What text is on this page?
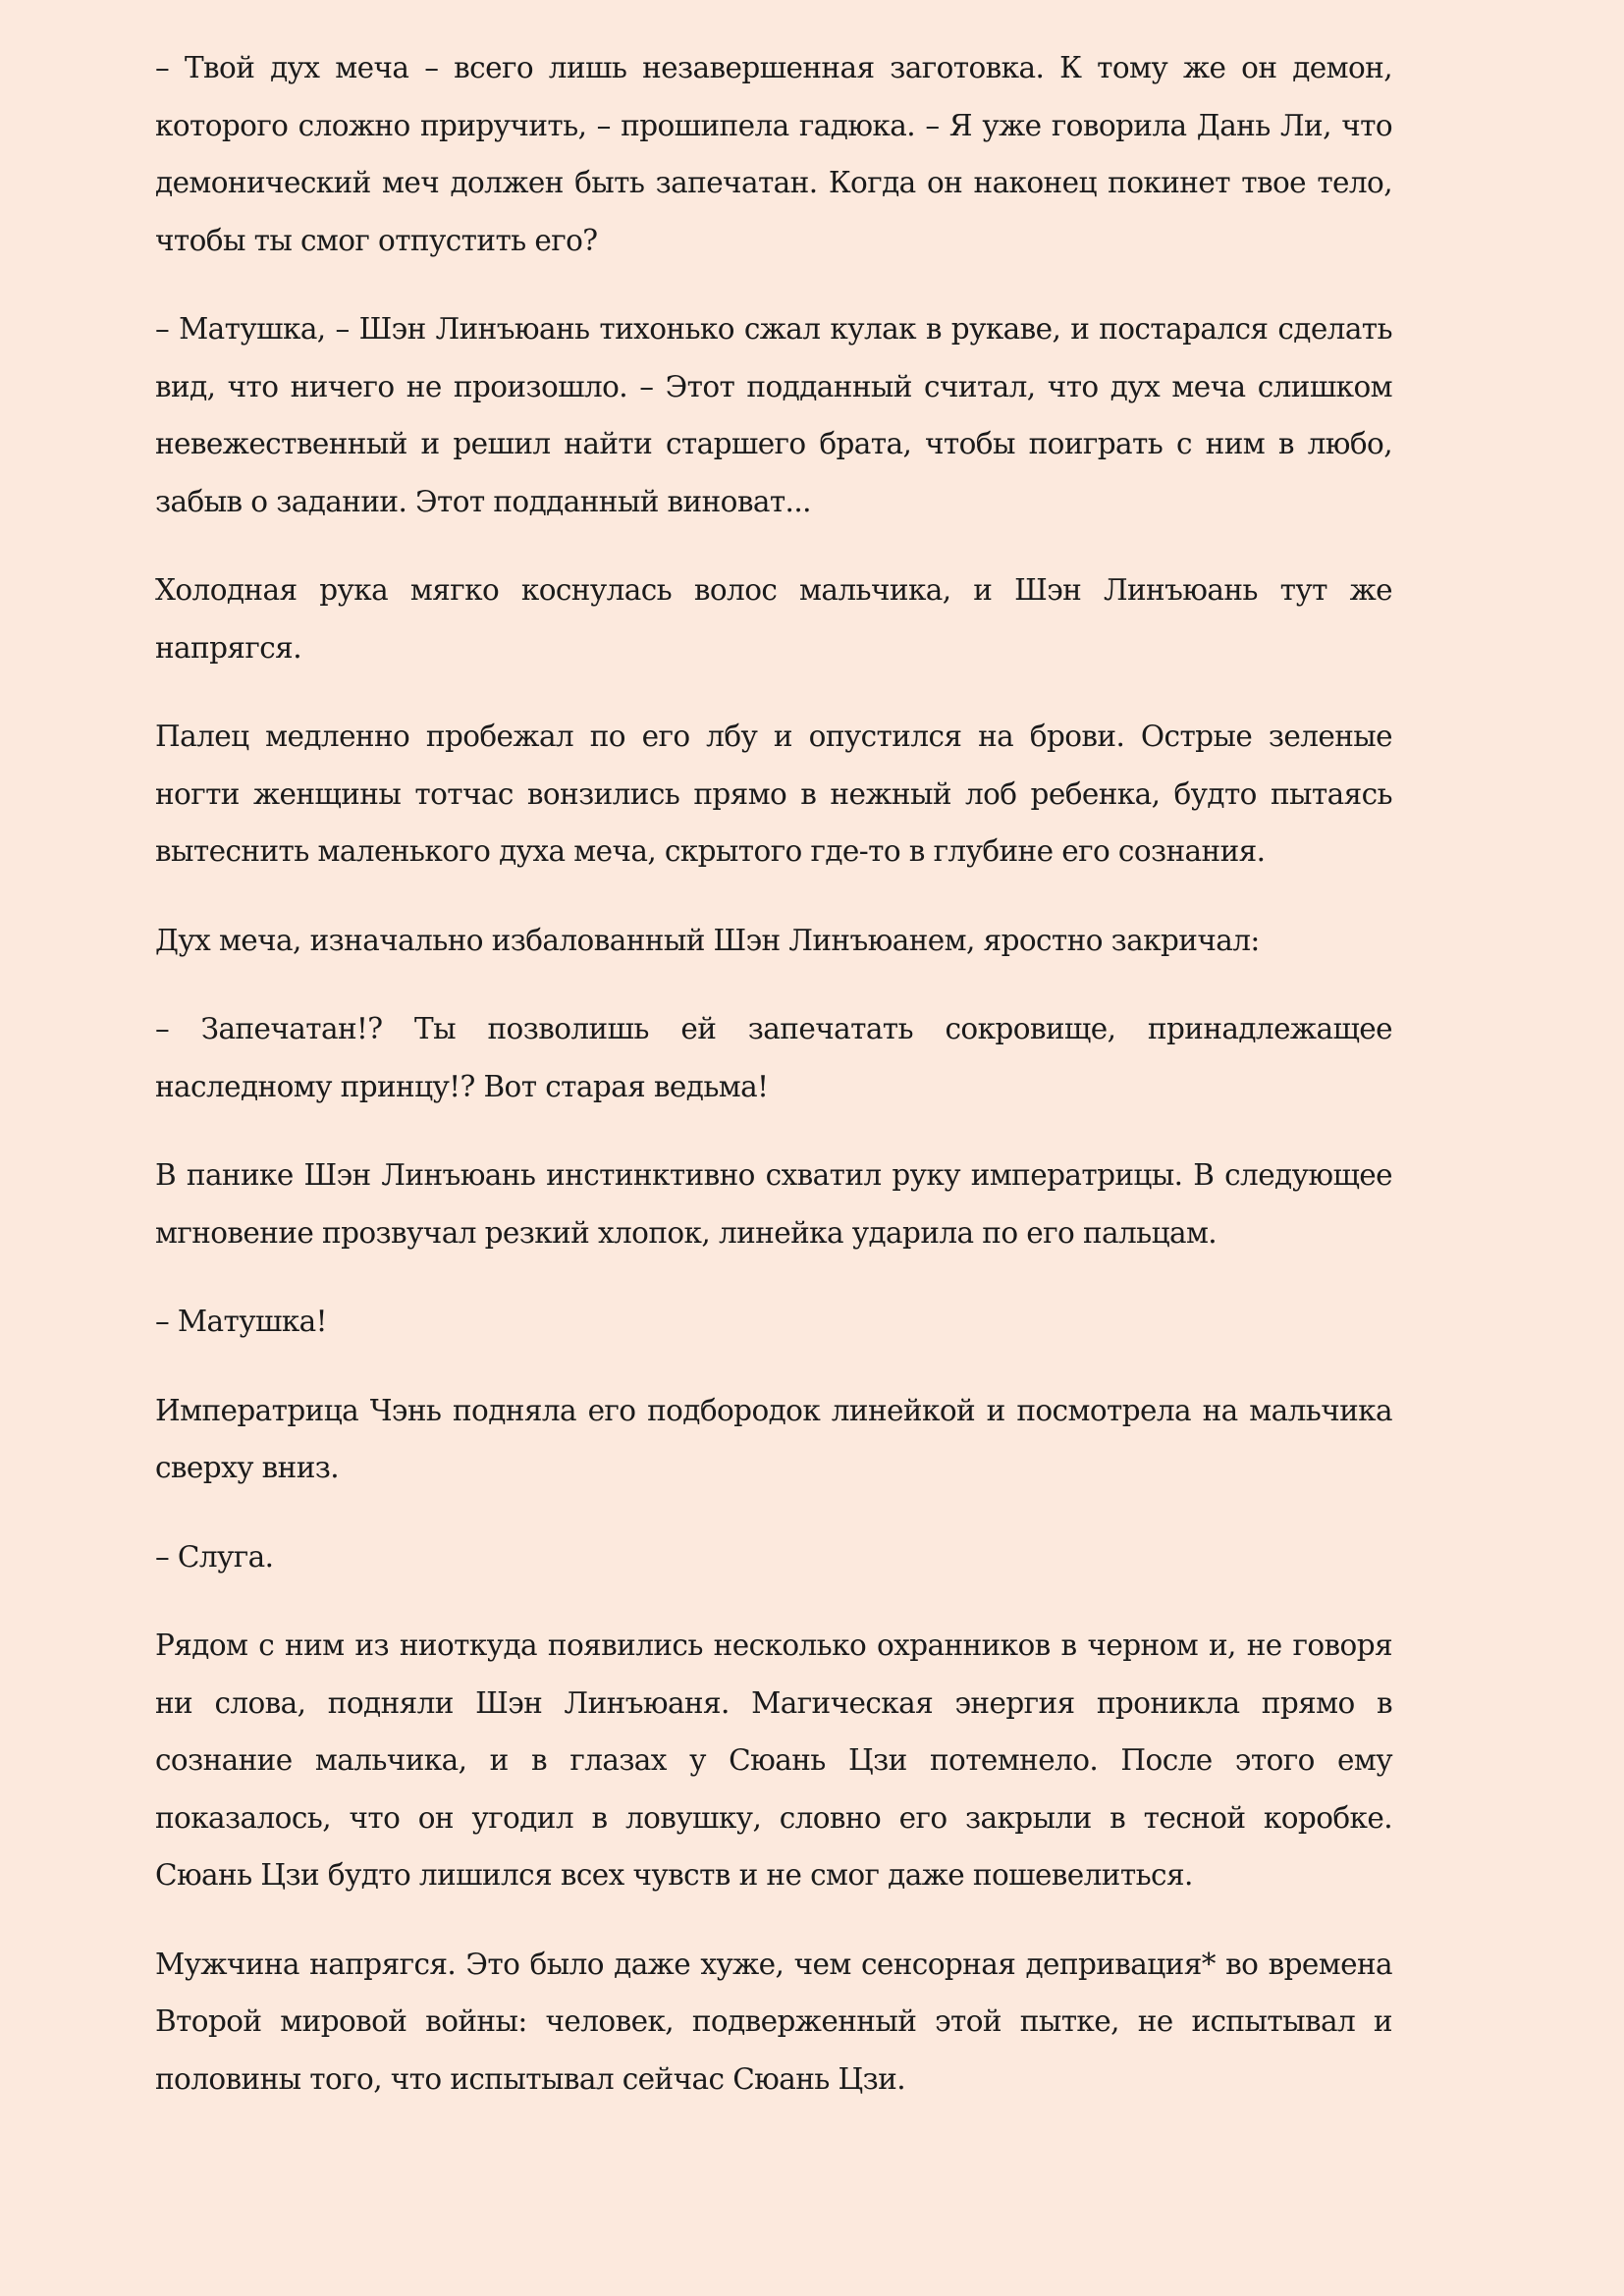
– Твой дух меча – всего лишь незавершенная заготовка. К тому же он демон, которого сложно приручить, – прошипела гадюка. – Я уже говорила Дань Ли, что демонический меч должен быть запечатан. Когда он наконец покинет твое тело, чтобы ты смог отпустить его?

– Матушка, – Шэн Линъюань тихонько сжал кулак в рукаве, и постарался сделать вид, что ничего не произошло. – Этот подданный считал, что дух меча слишком невежественный и решил найти старшего брата, чтобы поиграть с ним в любо, забыв о задании. Этот подданный виноват...

Холодная рука мягко коснулась волос мальчика, и Шэн Линъюань тут же напрягся.

Палец медленно пробежал по его лбу и опустился на брови. Острые зеленые ногти женщины тотчас вонзились прямо в нежный лоб ребенка, будто пытаясь вытеснить маленького духа меча, скрытого где-то в глубине его сознания.

Дух меча, изначально избалованный Шэн Линъюанем, яростно закричал:

– Запечатан!? Ты позволишь ей запечатать сокровище, принадлежащее наследному принцу!? Вот старая ведьма!

В панике Шэн Линъюань инстинктивно схватил руку императрицы. В следующее мгновение прозвучал резкий хлопок, линейка ударила по его пальцам.

– Матушка!

Императрица Чэнь подняла его подбородок линейкой и посмотрела на мальчика сверху вниз.

– Слуга.

Рядом с ним из ниоткуда появились несколько охранников в черном и, не говоря ни слова, подняли Шэн Линъюаня. Магическая энергия проникла прямо в сознание мальчика, и в глазах у Сюань Цзи потемнело. После этого ему показалось, что он угодил в ловушку, словно его закрыли в тесной коробке. Сюань Цзи будто лишился всех чувств и не смог даже пошевелиться.

Мужчина напрягся. Это было даже хуже, чем сенсорная депривация* во времена Второй мировой войны: человек, подверженный этой пытке, не испытывал и половины того, что испытывал сейчас Сюань Цзи.
